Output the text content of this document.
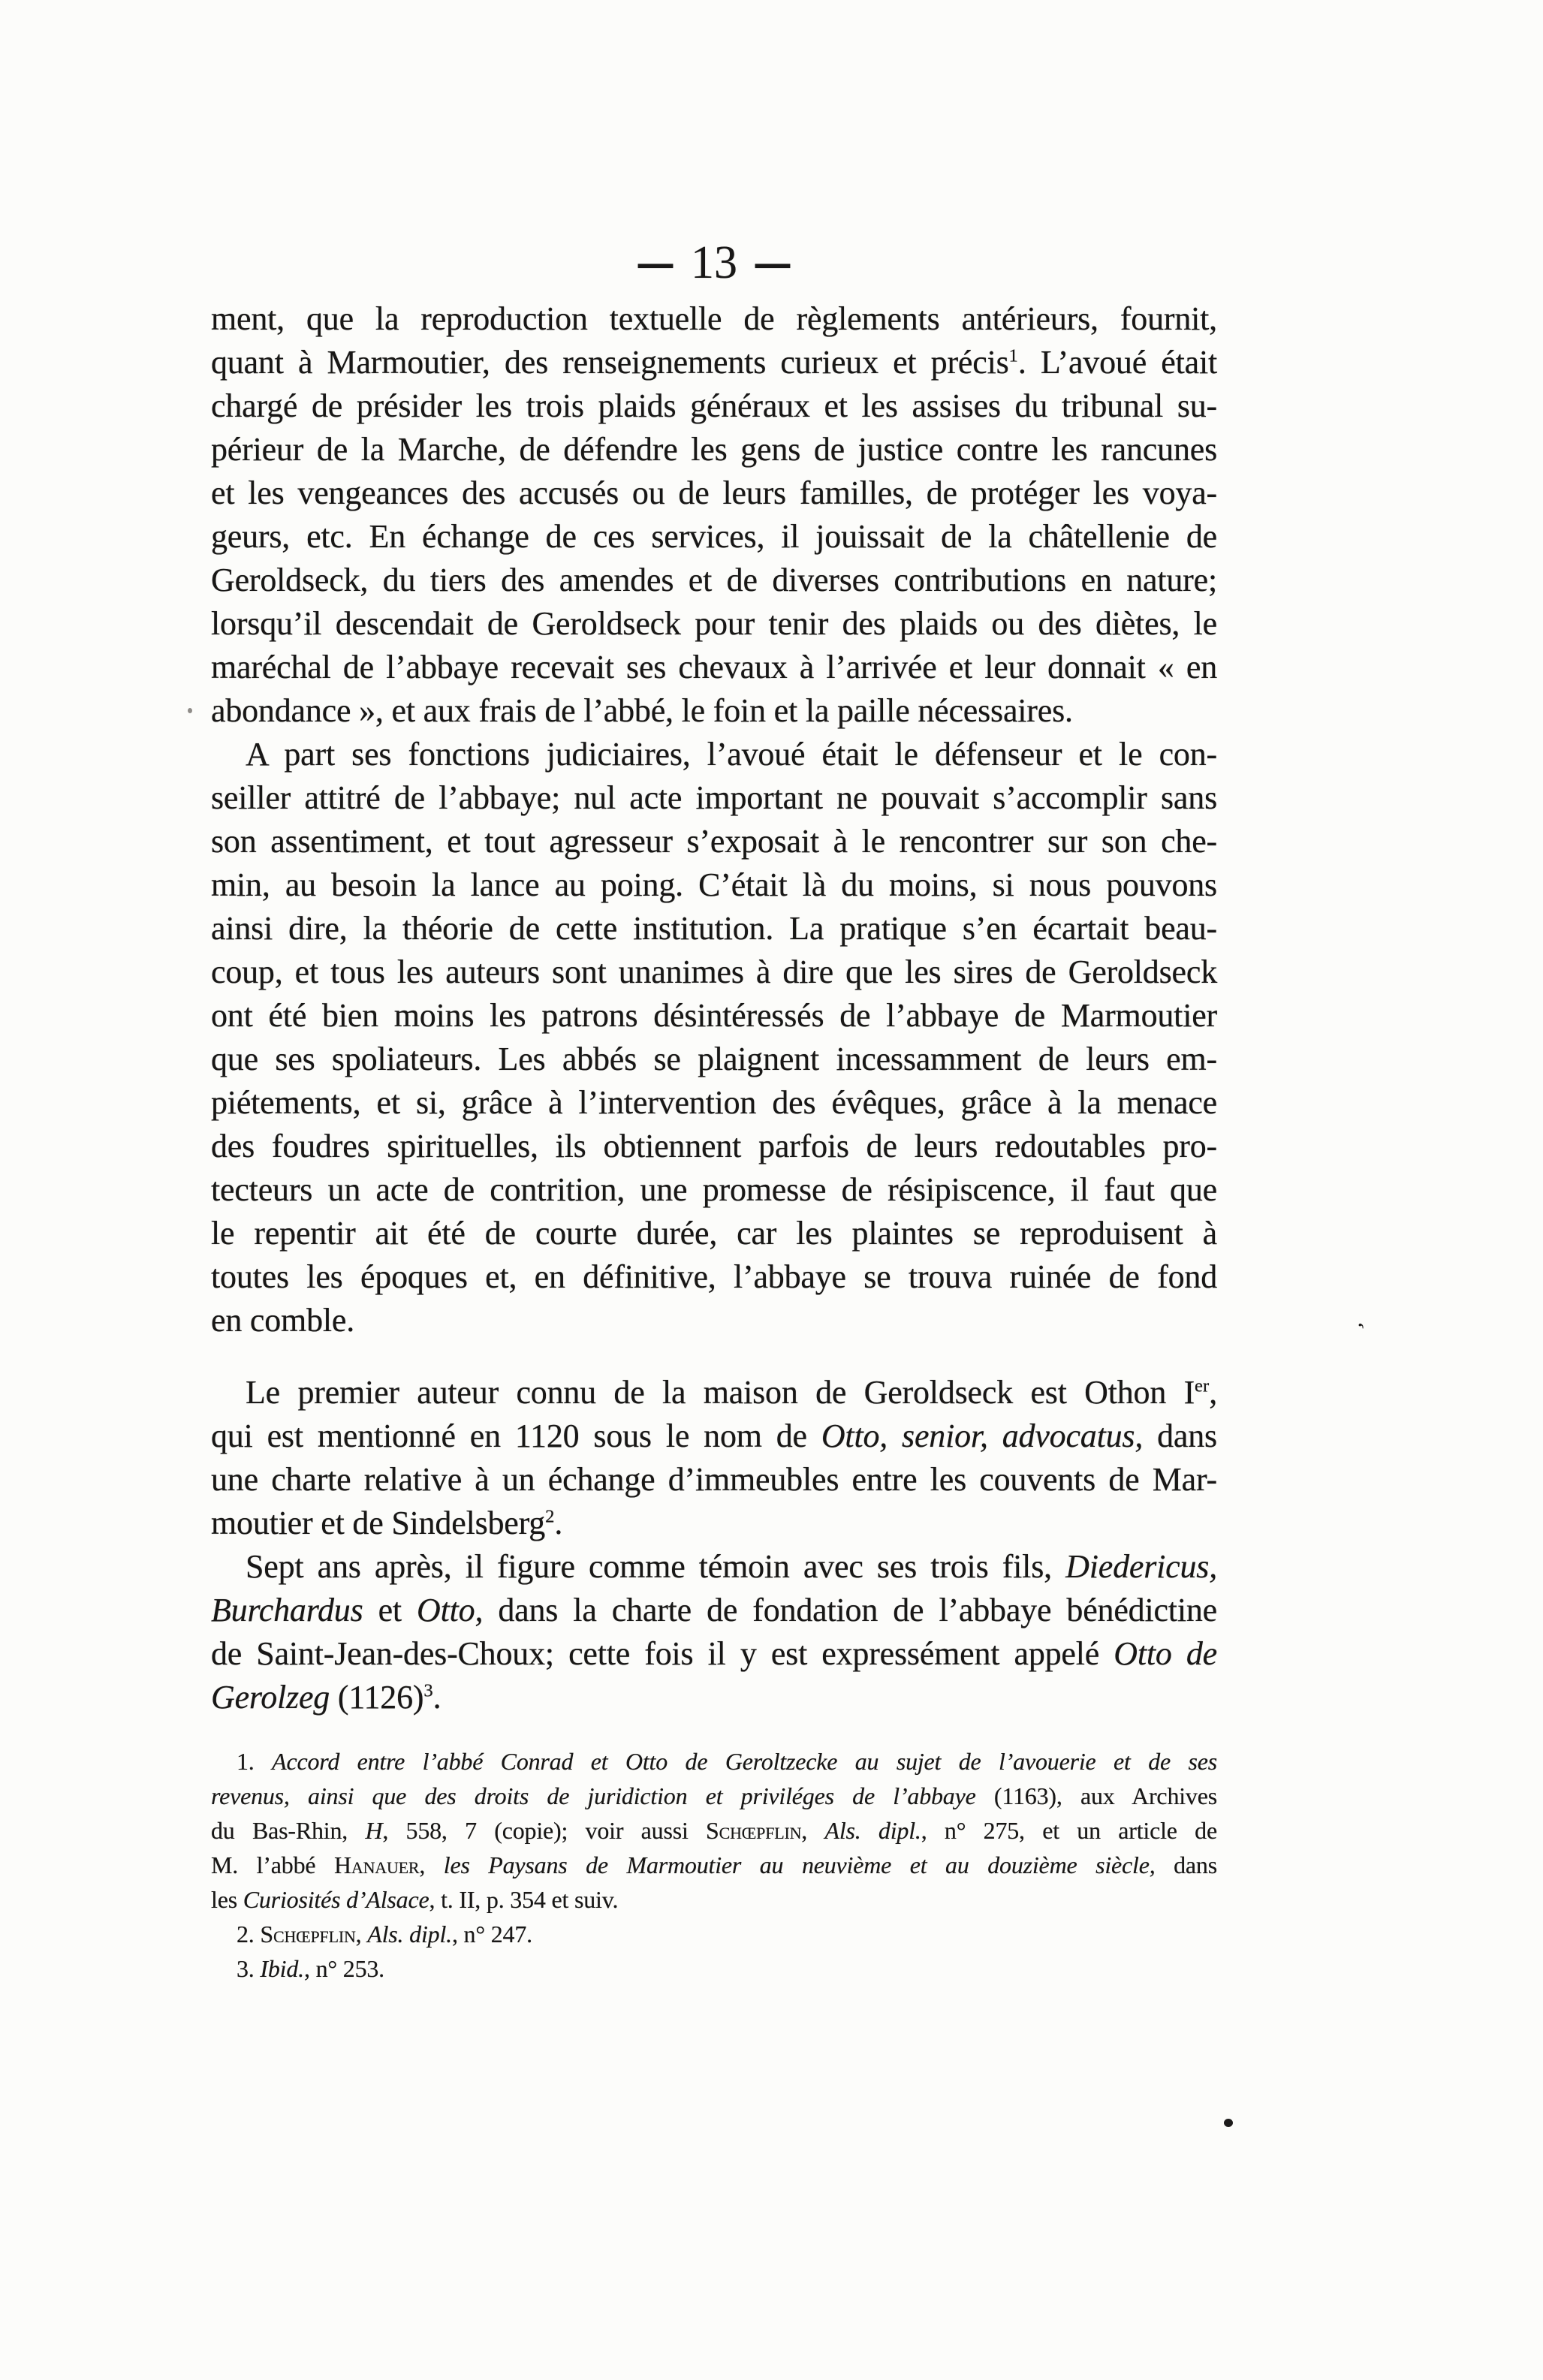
— 13 —
ment, que la reproduction textuelle de règlements antérieurs, fournit,
quant à Marmoutier, des renseignements curieux et précis$^1$. L’avoué était
chargé de présider les trois plaids généraux et les assises du tribunal su-
périeur de la Marche, de défendre les gens de justice contre les rancunes
et les vengeances des accusés ou de leurs familles, de protéger les voya-
geurs, etc. En échange de ces services, il jouissait de la châtellenie de
Geroldseck, du tiers des amendes et de diverses contributions en nature;
lorsqu’il descendait de Geroldseck pour tenir des plaids ou des diètes, le
maréchal de l’abbaye recevait ses chevaux à l’arrivée et leur donnait « en
abondance », et aux frais de l’abbé, le foin et la paille nécessaires.
A part ses fonctions judiciaires, l’avoué était le défenseur et le con-
seiller attitré de l’abbaye; nul acte important ne pouvait s’accomplir sans
son assentiment, et tout agresseur s’exposait à le rencontrer sur son che-
min, au besoin la lance au poing. C’était là du moins, si nous pouvons
ainsi dire, la théorie de cette institution. La pratique s’en écartait beau-
coup, et tous les auteurs sont unanimes à dire que les sires de Geroldseck
ont été bien moins les patrons désintéressés de l’abbaye de Marmoutier
que ses spoliateurs. Les abbés se plaignent incessamment de leurs em-
piétements, et si, grâce à l’intervention des évêques, grâce à la menace
des foudres spirituelles, ils obtiennent parfois de leurs redoutables pro-
tecteurs un acte de contrition, une promesse de résipiscence, il faut que
le repentir ait été de courte durée, car les plaintes se reproduisent à
toutes les époques et, en définitive, l’abbaye se trouva ruinée de fond
en comble.
Le premier auteur connu de la maison de Geroldseck est Othon Ier,
qui est mentionné en 1120 sous le nom de Otto, senior, advocatus, dans
une charte relative à un échange d’immeubles entre les couvents de Mar-
moutier et de Sindelsberg$^2$.
Sept ans après, il figure comme témoin avec ses trois fils, Diedericus,
Burchardus et Otto, dans la charte de fondation de l’abbaye bénédictine
de Saint-Jean-des-Choux; cette fois il y est expressément appelé Otto de
Gerolzeg $(1126)^3$.
1. Accord entre l’abbé Conrad et Otto de Geroltzecke au sujet de l’avouerie et de ses
revenus, ainsi que des droits de juridiction et priviléges de l’abbaye (1163), aux Archives
du Bas-Rhin, H, 558, 7 (copie); voir aussi Schœpflin, Als. dipl., n° 275, et un article de
M. l’abbé Hanauer, les Paysans de Marmoutier au neuvième et au douzième siècle, dans
les Curiosités d’Alsace, t. II, p. 354 et suiv.
2. Schœpflin, Als. dipl., n° 247.
3. Ibid., n° 253.
,
